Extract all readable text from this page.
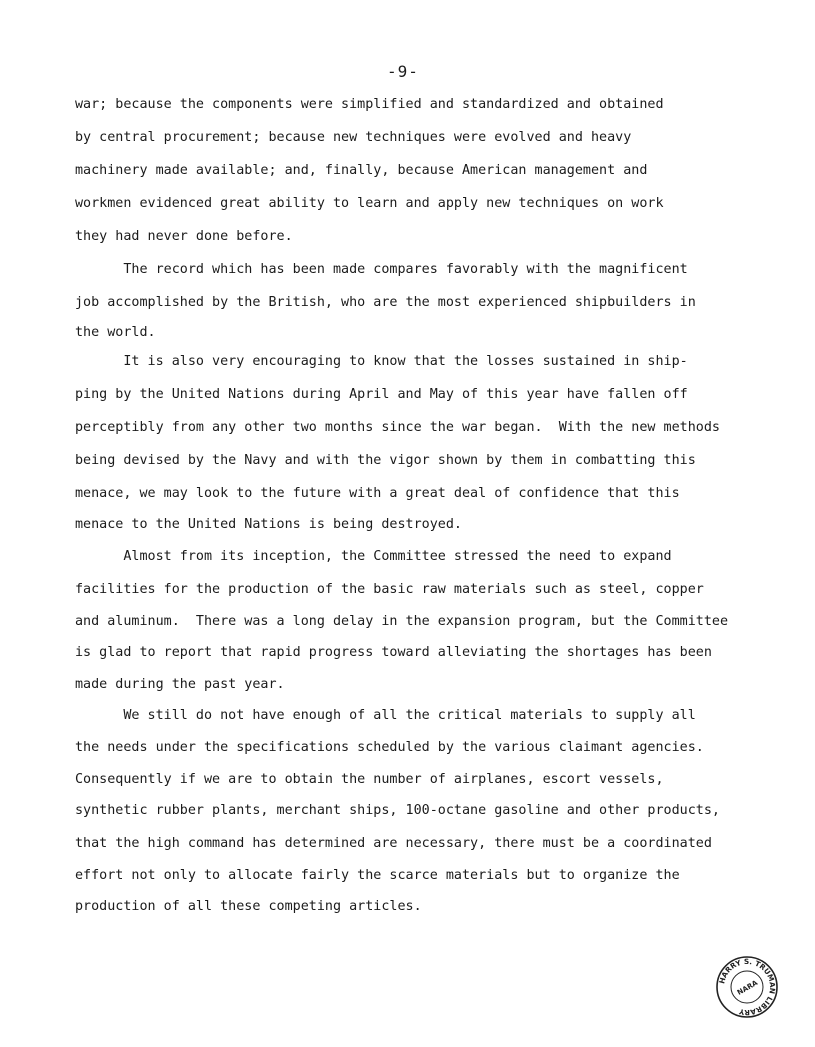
-9-
war; because the components were simplified and standardized and obtained
by central procurement; because new techniques were evolved and heavy
machinery made available; and, finally, because American management and
workmen evidenced great ability to learn and apply new techniques on work
they had never done before.
The record which has been made compares favorably with the magnificent
job accomplished by the British, who are the most experienced shipbuilders in
the world.
It is also very encouraging to know that the losses sustained in ship-
ping by the United Nations during April and May of this year have fallen off
perceptibly from any other two months since the war began.  With the new methods
being devised by the Navy and with the vigor shown by them in combatting this
menace, we may look to the future with a great deal of confidence that this
menace to the United Nations is being destroyed.
Almost from its inception, the Committee stressed the need to expand
facilities for the production of the basic raw materials such as steel, copper
and aluminum.  There was a long delay in the expansion program, but the Committee
is glad to report that rapid progress toward alleviating the shortages has been
made during the past year.
We still do not have enough of all the critical materials to supply all
the needs under the specifications scheduled by the various claimant agencies.
Consequently if we are to obtain the number of airplanes, escort vessels,
synthetic rubber plants, merchant ships, 100-octane gasoline and other products,
that the high command has determined are necessary, there must be a coordinated
effort not only to allocate fairly the scarce materials but to organize the
production of all these competing articles.
HARRY S. TRUMAN LIBRARY
NARA
